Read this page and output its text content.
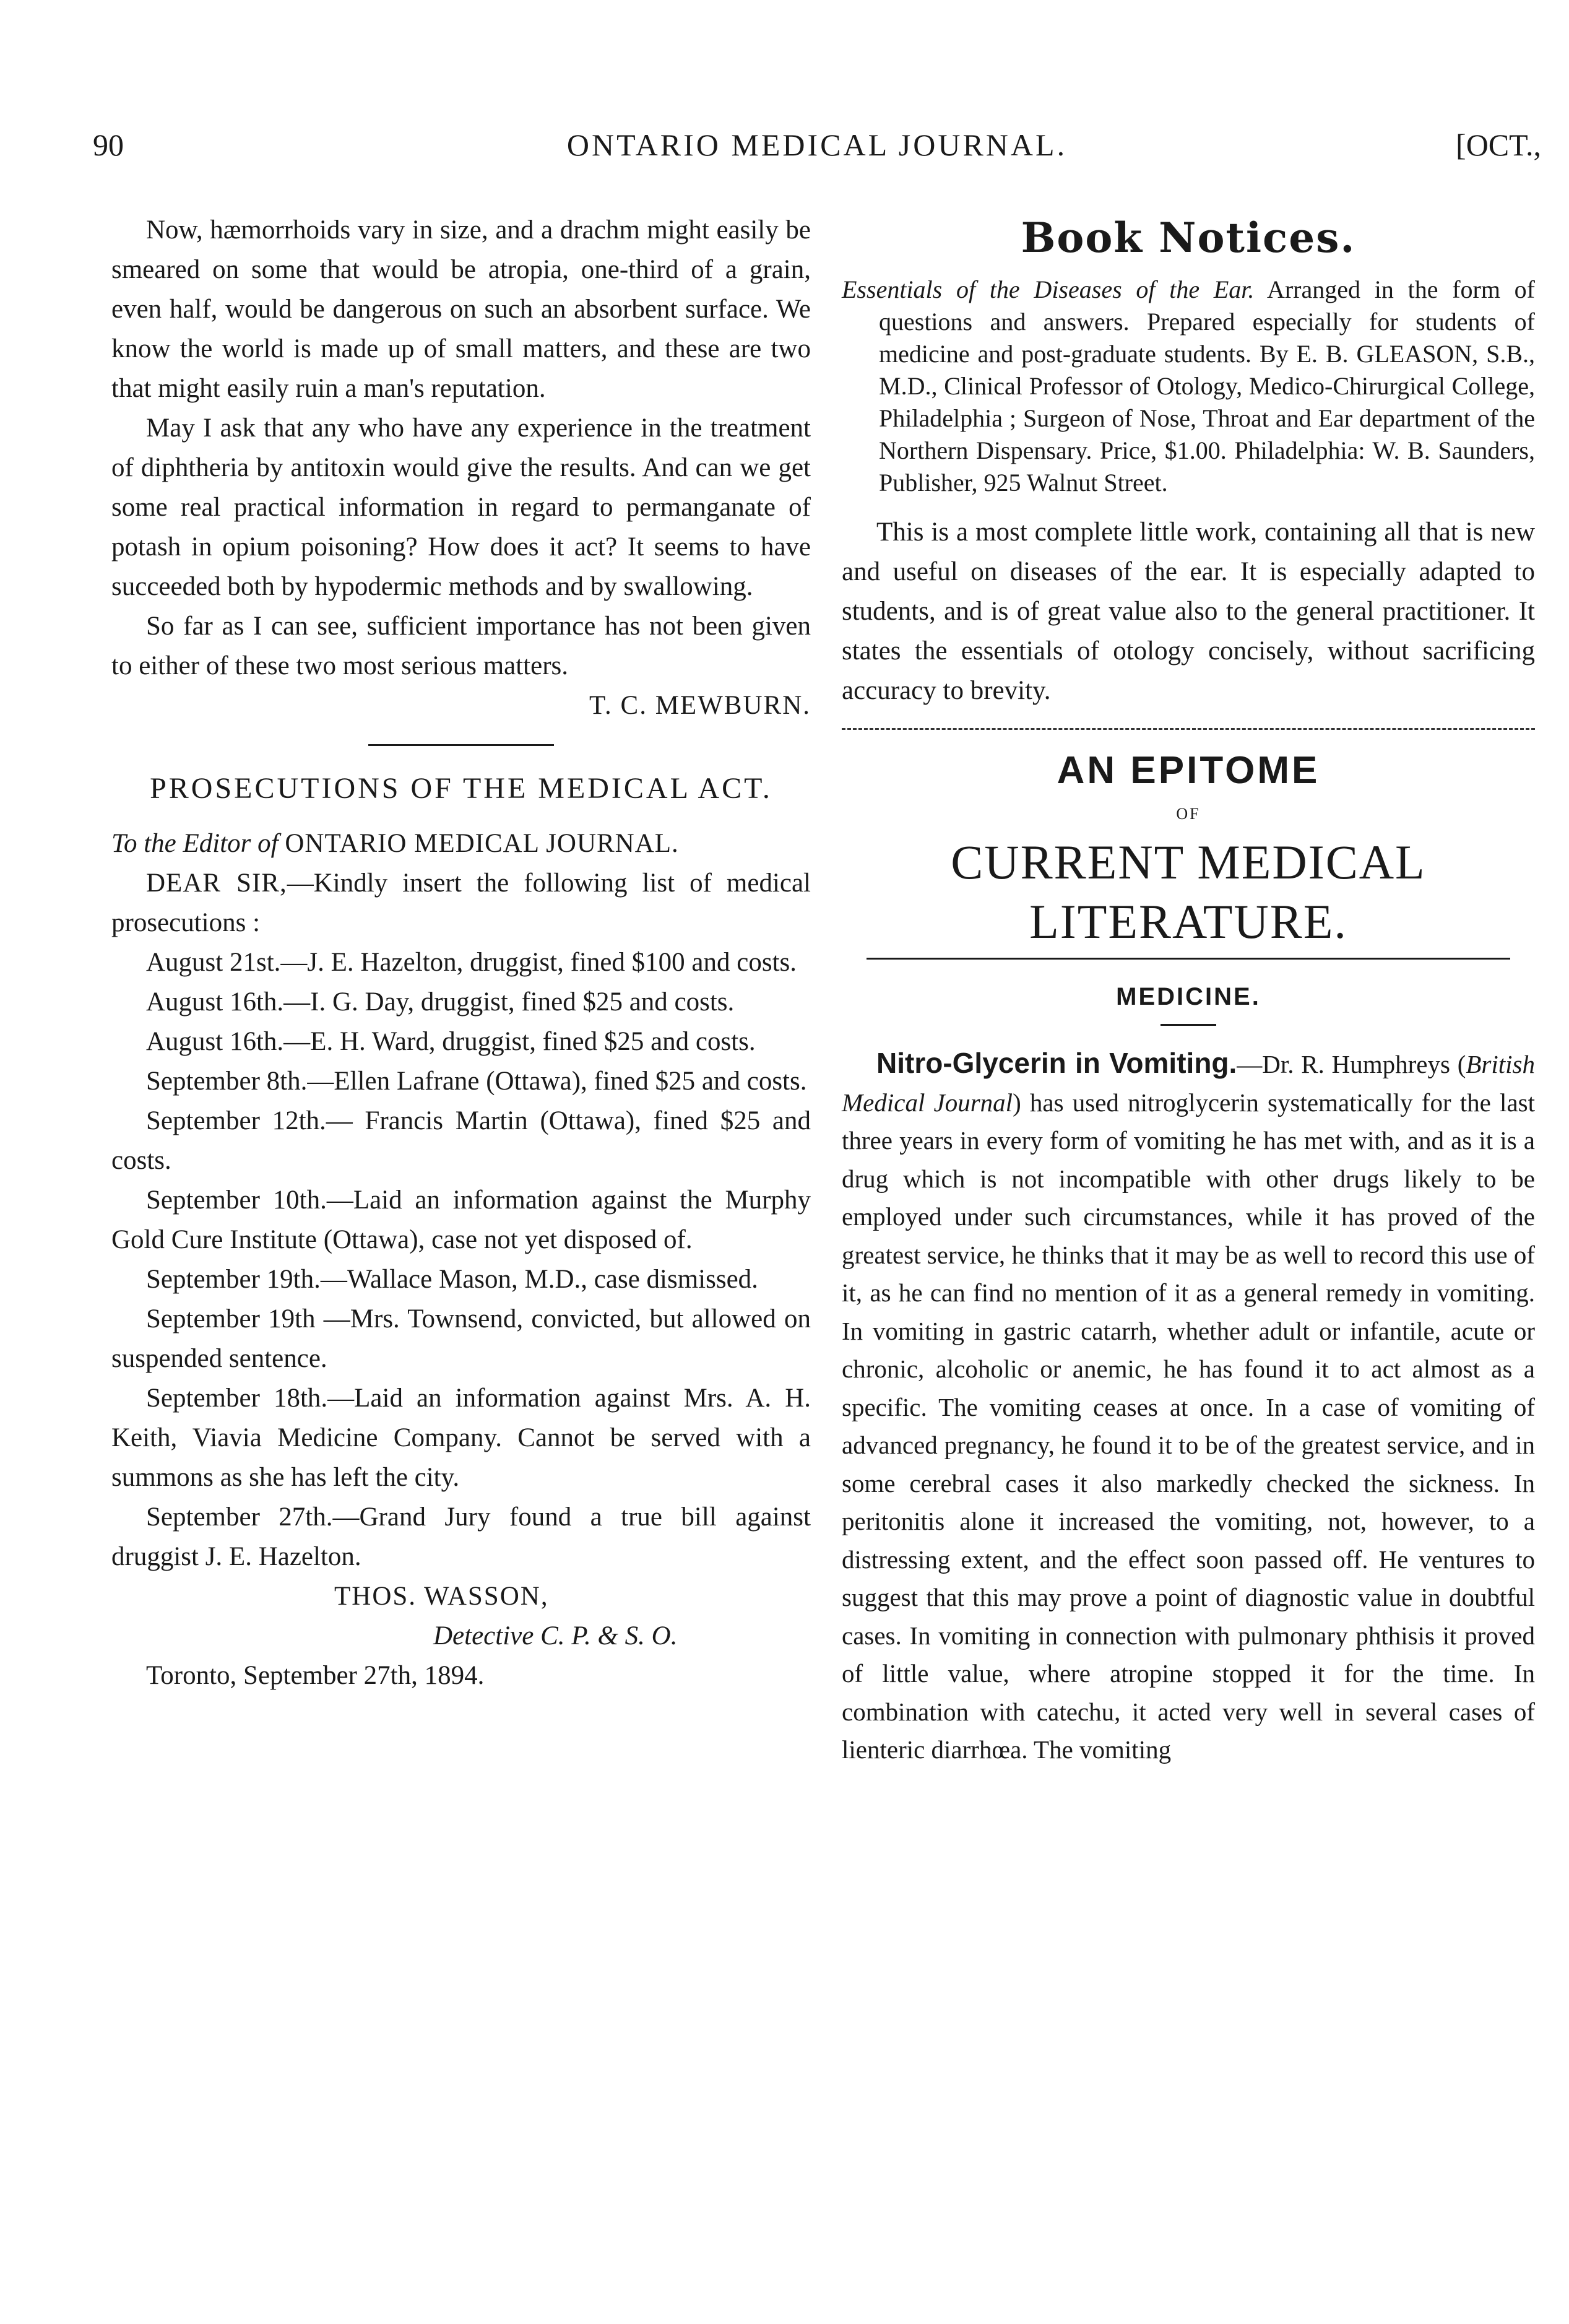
90	ONTARIO MEDICAL JOURNAL.	[OCT.,

Now, hæmorrhoids vary in size, and a drachm might easily be smeared on some that would be atropia, one-third of a grain, even half, would be dangerous on such an absorbent surface. We know the world is made up of small matters, and these are two that might easily ruin a man's reputation.

May I ask that any who have any experience in the treatment of diphtheria by antitoxin would give the results. And can we get some real practical information in regard to permanganate of potash in opium poisoning? How does it act? It seems to have succeeded both by hypodermic methods and by swallowing.

So far as I can see, sufficient importance has not been given to either of these two most serious matters.

T. C. MEWBURN.

PROSECUTIONS OF THE MEDICAL ACT.

To the Editor of ONTARIO MEDICAL JOURNAL.

DEAR SIR,—Kindly insert the following list of medical prosecutions :

August 21st.—J. E. Hazelton, druggist, fined $100 and costs.

August 16th.—I. G. Day, druggist, fined $25 and costs.

August 16th.—E. H. Ward, druggist, fined $25 and costs.

September 8th.—Ellen Lafrane (Ottawa), fined $25 and costs.

September 12th.— Francis Martin (Ottawa), fined $25 and costs.

September 10th.—Laid an information against the Murphy Gold Cure Institute (Ottawa), case not yet disposed of.

September 19th.—Wallace Mason, M.D., case dismissed.

September 19th —Mrs. Townsend, convicted, but allowed on suspended sentence.

September 18th.—Laid an information against Mrs. A. H. Keith, Viavia Medicine Company. Cannot be served with a summons as she has left the city.

September 27th.—Grand Jury found a true bill against druggist J. E. Hazelton.

THOS. WASSON,
Detective C. P. & S. O.

Toronto, September 27th, 1894.

Book Notices.
Essentials of the Diseases of the Ear. Arranged in the form of questions and answers. Prepared especially for students of medicine and post-graduate students. By E. B. GLEASON, S.B., M.D., Clinical Professor of Otology, Medico-Chirurgical College, Philadelphia ; Surgeon of Nose, Throat and Ear department of the Northern Dispensary. Price, $1.00. Philadelphia: W. B. Saunders, Publisher, 925 Walnut Street.

This is a most complete little work, containing all that is new and useful on diseases of the ear. It is especially adapted to students, and is of great value also to the general practitioner. It states the essentials of otology concisely, without sacrificing accuracy to brevity.

AN EPITOME
OF
CURRENT MEDICAL LITERATURE.
MEDICINE.

Nitro-Glycerin in Vomiting.—Dr. R. Humphreys (British Medical Journal) has used nitroglycerin systematically for the last three years in every form of vomiting he has met with, and as it is a drug which is not incompatible with other drugs likely to be employed under such circumstances, while it has proved of the greatest service, he thinks that it may be as well to record this use of it, as he can find no mention of it as a general remedy in vomiting. In vomiting in gastric catarrh, whether adult or infantile, acute or chronic, alcoholic or anemic, he has found it to act almost as a specific. The vomiting ceases at once. In a case of vomiting of advanced pregnancy, he found it to be of the greatest service, and in some cerebral cases it also markedly checked the sickness. In peritonitis alone it increased the vomiting, not, however, to a distressing extent, and the effect soon passed off. He ventures to suggest that this may prove a point of diagnostic value in doubtful cases. In vomiting in connection with pulmonary phthisis it proved of little value, where atropine stopped it for the time. In combination with catechu, it acted very well in several cases of lienteric diarrhœa. The vomiting
